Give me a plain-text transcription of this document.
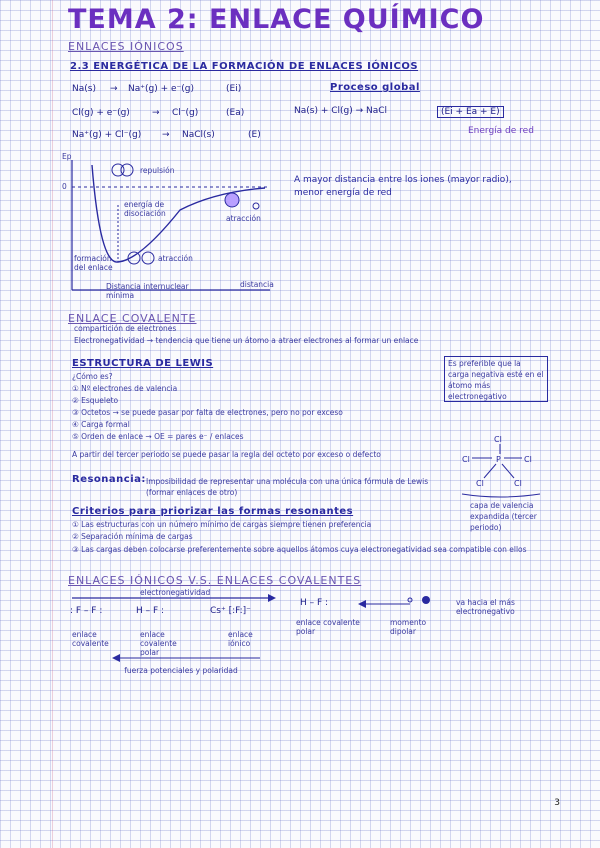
TEMA 2: ENLACE QUÍMICO
ENLACES IÓNICOS
2.3 ENERGÉTICA DE LA FORMACIÓN DE ENLACES IÓNICOS
Na(s) → Na⁺(g) + e⁻(g)	(Ei)
Cl(g) + e⁻(g) → Cl⁻(g)	(Ea)
Na⁺(g) + Cl⁻(g) → NaCl(s)	(E)
Proceso global
Na(s) + Cl(g) → NaCl	(Ei + Ea + E)
Energía de red
Ep
0
repulsión
energía de disociación
formación del enlace
atracción
atracción
Distancia internuclear mínima
distancia
A mayor distancia entre los iones (mayor radio), menor energía de red
ENLACE COVALENTE
compartición de electrones
Electronegatividad → tendencia que tiene un átomo a atraer electrones al formar un enlace
ESTRUCTURA DE LEWIS
¿Cómo es?
① Nº electrones de valencia
② Esqueleto
③ Octetos → se puede pasar por falta de electrones, pero no por exceso
④ Carga formal
⑤ Orden de enlace → OE = pares e⁻ / enlaces
Es preferible que la carga negativa esté en el átomo más electronegativo
A partir del tercer periodo se puede pasar la regla del octeto por exceso o defecto
Cl
Cl	P	Cl
Cl	Cl
capa de valencia expandida (tercer periodo)
Resonancia: Imposibilidad de representar una molécula con una única fórmula de Lewis (formar enlaces de otro)
Criterios para priorizar las formas resonantes
① Las estructuras con un número mínimo de cargas siempre tienen preferencia
② Separación mínima de cargas
③ Las cargas deben colocarse preferentemente sobre aquellos átomos cuya electronegatividad sea compatible con ellos
ENLACES IÓNICOS V.S. ENLACES COVALENTES
electronegatividad
: F – F :	H – F :	Cs⁺ [:F:]⁻
enlace covalente
enlace covalente polar
enlace iónico
fuerza potenciales y polaridad
H – F :
enlace covalente polar
momento dipolar
va hacia el más electronegativo
3
